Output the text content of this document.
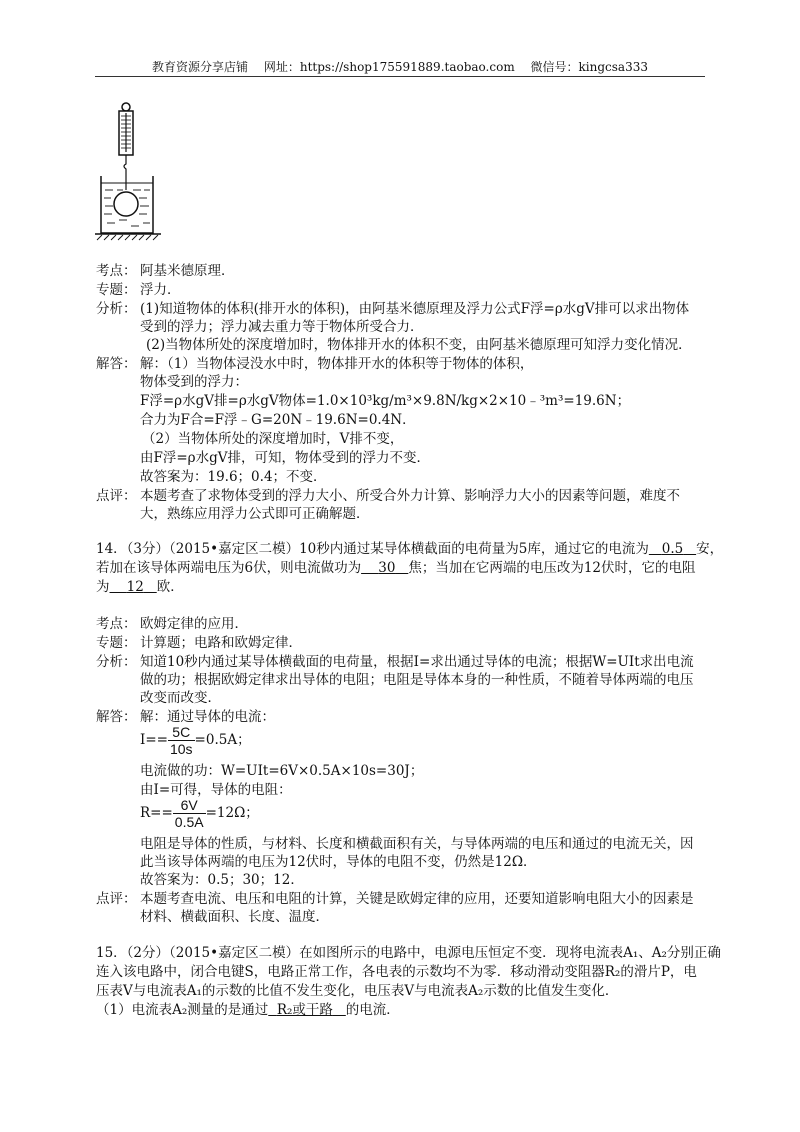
教育资源分享店铺 网址：https://shop175591889.taobao.com 微信号：kingcsa333
考点： 阿基米德原理．
专题： 浮力．
分析： (1)知道物体的体积(排开水的体积)，由阿基米德原理及浮力公式F浮=ρ水gV排可以求出物体
受到的浮力；浮力减去重力等于物体所受合力．
(2)当物体所处的深度增加时，物体排开水的体积不变，由阿基米德原理可知浮力变化情况．
解答： 解：（1）当物体浸没水中时，物体排开水的体积等于物体的体积，
物体受到的浮力：
F浮=ρ水gV排=ρ水gV物体=1.0×10³kg/m³×9.8N/kg×2×10﹣³m³=19.6N；
合力为F合=F浮﹣G=20N﹣19.6N=0.4N．
（2）当物体所处的深度增加时，V排不变，
由F浮=ρ水gV排，可知，物体受到的浮力不变．
故答案为：19.6；0.4；不变．
点评： 本题考查了求物体受到的浮力大小、所受合外力计算、影响浮力大小的因素等问题，难度不
大，熟练应用浮力公式即可正确解题．
14．（3分）（2015•嘉定区二模）10秒内通过某导体横截面的电荷量为5库，通过它的电流为 0.5 安，
若加在该导体两端电压为6伏，则电流做功为 30 焦；当加在它两端的电压改为12伏时，它的电阻
为 12 欧．
考点： 欧姆定律的应用．
专题： 计算题；电路和欧姆定律．
分析： 知道10秒内通过某导体横截面的电荷量，根据I=求出通过导体的电流；根据W=UIt求出电流
做的功；根据欧姆定律求出导体的电阻；电阻是导体本身的一种性质，不随着导体两端的电压
改变而改变．
解答： 解：通过导体的电流：
$I== \frac{5C}{10s} =0.5A$；
电流做的功：W=UIt=6V×0.5A×10s=30J；
由I=可得，导体的电阻：
$R== \frac{6V}{0.5A} =12\Omega$；
电阻是导体的性质，与材料、长度和横截面积有关，与导体两端的电压和通过的电流无关，因
此当该导体两端的电压为12伏时，导体的电阻不变，仍然是12Ω．
故答案为：0.5；30；12．
点评： 本题考查电流、电压和电阻的计算，关键是欧姆定律的应用，还要知道影响电阻大小的因素是
材料、横截面积、长度、温度．
15．（2分）（2015•嘉定区二模）在如图所示的电路中，电源电压恒定不变．现将电流表A₁、A₂分别正确
连入该电路中，闭合电键S，电路正常工作，各电表的示数均不为零．移动滑动变阻器R₂的滑片P，电
压表V与电流表A₁的示数的比值不发生变化，电压表V与电流表A₂示数的比值发生变化．
（1）电流表A₂测量的是通过 R₂或干路 的电流．
